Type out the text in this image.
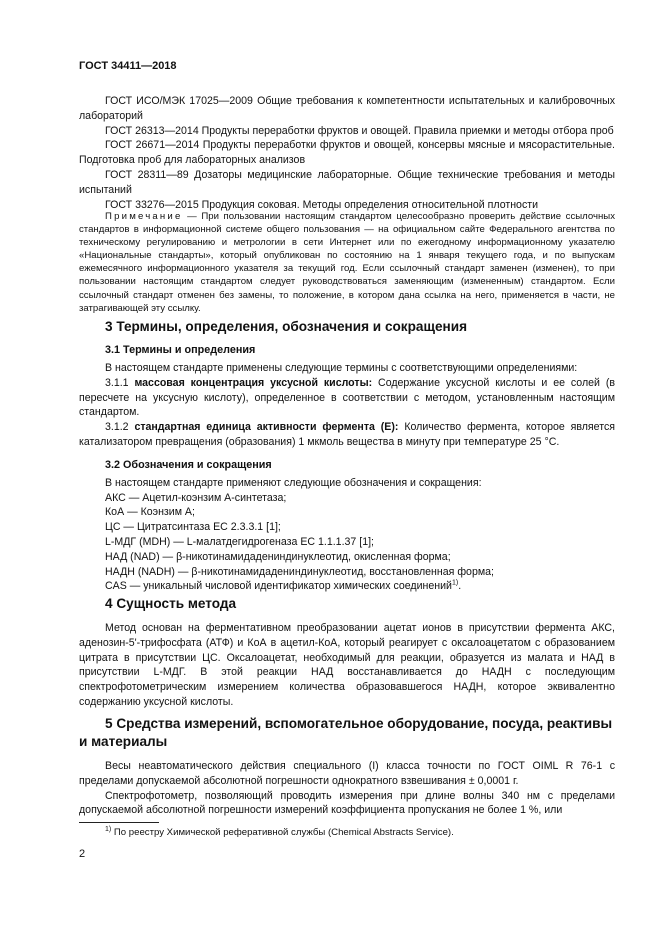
ГОСТ 34411—2018

ГОСТ ИСО/МЭК 17025—2009 Общие требования к компетентности испытательных и калибровочных лабораторий

ГОСТ 26313—2014 Продукты переработки фруктов и овощей. Правила приемки и методы отбора проб

ГОСТ 26671—2014 Продукты переработки фруктов и овощей, консервы мясные и мясорастительные. Подготовка проб для лабораторных анализов

ГОСТ 28311—89 Дозаторы медицинские лабораторные. Общие технические требования и методы испытаний

ГОСТ 33276—2015 Продукция соковая. Методы определения относительной плотности

Примечание — При пользовании настоящим стандартом целесообразно проверить действие ссылочных стандартов в информационной системе общего пользования — на официальном сайте Федерального агентства по техническому регулированию и метрологии в сети Интернет или по ежегодному информационному указателю «Национальные стандарты», который опубликован по состоянию на 1 января текущего года, и по выпускам ежемесячного информационного указателя за текущий год. Если ссылочный стандарт заменен (изменен), то при пользовании настоящим стандартом следует руководствоваться заменяющим (измененным) стандартом. Если ссылочный стандарт отменен без замены, то положение, в котором дана ссылка на него, применяется в части, не затрагивающей эту ссылку.

3 Термины, определения, обозначения и сокращения
3.1 Термины и определения

В настоящем стандарте применены следующие термины с соответствующими определениями:

3.1.1 массовая концентрация уксусной кислоты: Содержание уксусной кислоты и ее солей (в пересчете на уксусную кислоту), определенное в соответствии с методом, установленным настоящим стандартом.

3.1.2 стандартная единица активности фермента (E): Количество фермента, которое является катализатором превращения (образования) 1 мкмоль вещества в минуту при температуре 25 °С.

3.2 Обозначения и сокращения

В настоящем стандарте применяют следующие обозначения и сокращения:

АКС — Ацетил-коэнзим А-синтетаза;

КоА — Коэнзим А;

ЦС — Цитратсинтаза ЕС 2.3.3.1 [1];

L-МДГ (MDH) — L-малатдегидрогеназа ЕС 1.1.1.37 [1];

НАД (NAD) — β-никотинамидадениндинуклеотид, окисленная форма;

НАДН (NADH) — β-никотинамидадениндинуклеотид, восстановленная форма;

CAS — уникальный числовой идентификатор химических соединений$^{1)}$.

4 Сущность метода

Метод основан на ферментативном преобразовании ацетат ионов в присутствии фермента АКС, аденозин-5'-трифосфата (АТФ) и КоА в ацетил-КоА, который реагирует с оксалоацетатом с образованием цитрата в присутствии ЦС. Оксалоацетат, необходимый для реакции, образуется из малата и НАД в присутствии L-МДГ. В этой реакции НАД восстанавливается до НАДН с последующим спектрофотометрическим измерением количества образовавшегося НАДН, которое эквивалентно содержанию уксусной кислоты.

5 Средства измерений, вспомогательное оборудование, посуда, реактивы и материалы

Весы неавтоматического действия специального (I) класса точности по ГОСТ OIML R 76-1 с пределами допускаемой абсолютной погрешности однократного взвешивания ± 0,0001 г.

Спектрофотометр, позволяющий проводить измерения при длине волны 340 нм с пределами допускаемой абсолютной погрешности измерений коэффициента пропускания не более 1 %, или

$^{1)}$ По реестру Химической реферативной службы (Chemical Abstracts Service).
2
